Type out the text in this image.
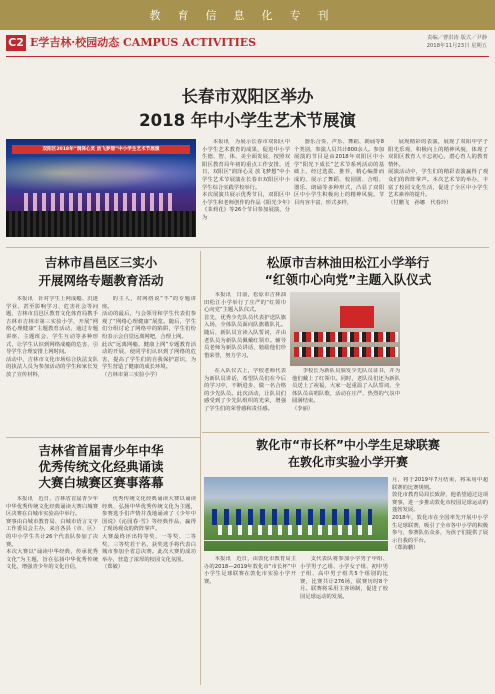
教育信息化专刊
C2 E学吉林·校园动态 CAMPUS ACTIVITIES	责编／曹洪涛 版式／尹静
2018年11月23日 星期五
长春市双阳区举办
2018 年中小学生艺术节展演
双阳区2018年“润泽心灵 放飞梦想”中小学生艺术节展演
本报讯　为展示长春市双阳区中小学生艺术教育的成果，促进中小学生德、智、体、美全面发展，按照双阳区教育局年初的重点工作安排，近日，双阳区“润泽心灵 放飞梦想”中小学生艺术节展演在长春市双阳区中小学生综合实践学校举行。
本次展演共展示优秀节目，双阳区中小学生和老师创作的作品《阳光少年》《茉莉花》等26个节目参加展演，分为
器乐合奏、声乐、舞蹈、朗诵等8个类别，参演人员共计800余人。参加展演的节目是由2018年双阳区中小学“阳光下成长”艺术节系列活动的基础上，经过选拔、推荐，精心编排而成的，展示了舞蹈、校园剧、合唱、器乐、朗诵等多种形式，凸显了双阳区中小学生积极向上的精神风貌。节目内容丰富，形式多样，
展现精彩的表演，展现了双阳中学子阳光乐观、积极向上的精神风貌，体现了双阳区教育人不忘初心，潜心育人的教育情怀。
展演活动中，学生们的精彩表演赢得了观众们的阵阵掌声。本次艺术节的举办，丰富了校园文化生活，促进了全区中小学生艺术素养的提升。
（付鹏飞　孙娜　代春玲）
吉林市昌邑区三实小
开展网络专题教育活动
本报讯　针对学生上网成瘾、沉迷学业、甚至影响学习、危害社会等问题，吉林市昌邑区教育文化体育局携手吉林市吉林市第三实验小学，开展“网络心理健康”主题教育活动，通过专题讲座、主题班会、学生互动等多种形式，让学生认识到网络成瘾的危害，引导学生合理安排上网时间。
活动中，吉林市文化市场综合执法支队的执法人员为参加活动的学生和家长发放了宣传材料，
的主人，对网络说“不”的专题讲座。
活动的最后，与会领导和学生代表们参观了“网络心理健康”展览。随后，学生们分组讨论了网络中的陷阱，学生们纷纷表示会自觉远离网吧，合理上网。
此次“远离网瘾，健康上网”专题教育活动的开展，使同学们认识到了网络的危害，提高了学生们的自我保护意识，为学生营造了健康的成长环境。
（吉林市第三实验小学）
松原市吉林油田松江小学举行
“红领巾心向党”主题入队仪式
本报讯　日前，松原市吉林油田松江小学举行了庄严的“红领巾心向党”主题入队仪式。
首先，优秀少先队员代表护送队旗入场，全体队员面向队旗敬队礼。随后，新队员宣读入队誓词，并由老队员为新队员佩戴红领巾。辅导员老师为新队员讲话，勉励他们珍惜荣誉，努力学习。
在入队仪式上，学校老师代表为新队员讲话，希望队员们在今后的学习中，不断进步，做一名合格的少先队员。此次活动，让队员们感受到了少先队组织的光荣，增强了学生们的荣誉感和责任感。
李校长为新队员颁发少先队员证书，并为他们戴上了红领巾。同时，老队员们还为新队员送上了祝福，大家一起重温了入队誓词，全体队员高唱队歌，活动在庄严、热烈的气氛中圆满结束。
（李丽）
吉林省首届青少年中华
优秀传统文化经典诵读
大赛白城赛区赛事落幕
本报讯　近日，吉林省首届青少年中华优秀传统文化经典诵读大赛白城赛区决赛在白城市实验高中举行。
赛事由白城市教育局、白城市语言文字工作委员会主办，来自各县（市、区）的中小学生共计26个代表队参加了决赛。
本次大赛以“诵读中华经典，传承优秀文化”为主题，旨在弘扬中华优秀传统文化，增强青少年的文化自信，
优秀传统文化经典诵读大赛以诵读经典、弘扬中华优秀传统文化为主题，参赛选手们声情并茂地诵读了《少年中国说》《沁园春·雪》等经典作品，赢得了现场观众的阵阵掌声。
大赛最终评出特等奖、一等奖、二等奖、三等奖若干名，获奖选手将代表白城市参加全省总决赛。此次大赛的成功举办，营造了浓厚的校园文化氛围。
（郑敏）
敦化市“市长杯”中小学生足球联赛
在敦化市实验小学开赛
月，将于2019年7月结束，将采用中超联赛的比赛规则。
敦化市教育局局长致辞，他希望通过这项赛事，进一步推动敦化市校园足球运动的蓬勃发展。
2018年，敦化市在全国率先开展中小学生足球联赛，吸引了全市各中小学的积极参与，参赛队伍众多，为孩子们提供了展示自我的平台。
（郑海鹏）
本报讯　近日，由敦化市教育局主办的2018—2019年敦化市“市长杯”中小学生足球联赛在敦化市实验小学开赛。
支代表队将参加小学男子甲组、小学男子乙组、小学女子组、初中男子组、高中男子组共5个组别的比赛，比赛共计276场，联赛历时8个月。联赛将采用主客场制，促进了校园足球运动的发展。
